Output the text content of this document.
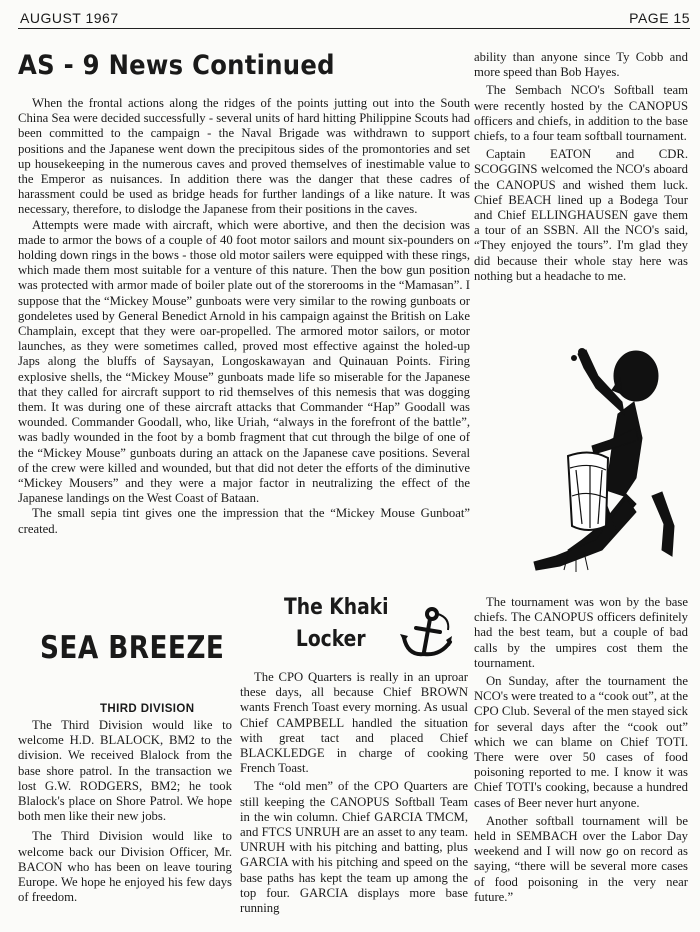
AUGUST 1967	PAGE 15
AS - 9 News Continued

When the frontal actions along the ridges of the points jutting out into the South China Sea were decided successfully - several units of hard hitting Philippine Scouts had been committed to the campaign - the Naval Brigade was withdrawn to support positions and the Japanese went down the precipitous sides of the promontories and set up housekeeping in the numerous caves and proved themselves of inestimable value to the Emperor as nuisances. In addition there was the danger that these cadres of harassment could be used as bridge heads for further landings of a like nature. It was necessary, therefore, to dislodge the Japanese from their positions in the caves.

Attempts were made with aircraft, which were abortive, and then the decision was made to armor the bows of a couple of 40 foot motor sailors and mount six-pounders on holding down rings in the bows - those old motor sailers were equipped with these rings, which made them most suitable for a venture of this nature. Then the bow gun position was protected with armor made of boiler plate out of the storerooms in the “Mamasan”. I suppose that the “Mickey Mouse” gunboats were very similar to the rowing gunboats or gondeletes used by General Benedict Arnold in his campaign against the British on Lake Champlain, except that they were oar-propelled. The armored motor sailors, or motor launches, as they were sometimes called, proved most effective against the holed-up Japs along the bluffs of Saysayan, Longoskawayan and Quinauan Points. Firing explosive shells, the “Mickey Mouse” gunboats made life so miserable for the Japanese that they called for aircraft support to rid themselves of this nemesis that was dogging them. It was during one of these aircraft attacks that Commander “Hap” Goodall was wounded. Commander Goodall, who, like Uriah, “always in the forefront of the battle”, was badly wounded in the foot by a bomb fragment that cut through the bilge of one of the “Mickey Mouse” gunboats during an attack on the Japanese cave positions. Several of the crew were killed and wounded, but that did not deter the efforts of the diminutive “Mickey Mousers” and they were a major factor in neutralizing the effect of the Japanese landings on the West Coast of Bataan.

The small sepia tint gives one the impression that the “Mickey Mouse Gunboat” created.

ability than anyone since Ty Cobb and more speed than Bob Hayes.

The Sembach NCO's Softball team were recently hosted by the CANOPUS officers and chiefs, in addition to the base chiefs, to a four team softball tournament.

Captain EATON and CDR. SCOGGINS welcomed the NCO's aboard the CANOPUS and wished them luck. Chief BEACH lined up a Bodega Tour and Chief ELLINGHAUSEN gave them a tour of an SSBN. All the NCO's said, “They enjoyed the tours”. I'm glad they did because their whole stay here was nothing but a headache to me.

The tournament was won by the base chiefs. The CANOPUS officers definitely had the best team, but a couple of bad calls by the umpires cost them the tournament.

On Sunday, after the tournament the NCO's were treated to a “cook out”, at the CPO Club. Several of the men stayed sick for several days after the “cook out” which we can blame on Chief TOTI. There were over 50 cases of food poisoning reported to me. I know it was Chief TOTI's cooking, because a hundred cases of Beer never hurt anyone.

Another softball tournament will be held in SEMBACH over the Labor Day weekend and I will now go on record as saying, “there will be several more cases of food poisoning in the very near future.”

SEA BREEZE
THIRD DIVISION

The Third Division would like to welcome H.D. BLALOCK, BM2 to the division. We received Blalock from the base shore patrol. In the transaction we lost G.W. RODGERS, BM2; he took Blalock's place on Shore Patrol. We hope both men like their new jobs.

The Third Division would like to welcome back our Division Officer, Mr. BACON who has been on leave touring Europe. We hope he enjoyed his few days of freedom.

The Khaki
Locker

The CPO Quarters is really in an uproar these days, all because Chief BROWN wants French Toast every morning. As usual Chief CAMPBELL handled the situation with great tact and placed Chief BLACKLEDGE in charge of cooking French Toast.

The “old men” of the CPO Quarters are still keeping the CANOPUS Softball Team in the win column. Chief GARCIA TMCM, and FTCS UNRUH are an asset to any team. UNRUH with his pitching and batting, plus GARCIA with his pitching and speed on the base paths has kept the team up among the top four. GARCIA displays more base running
